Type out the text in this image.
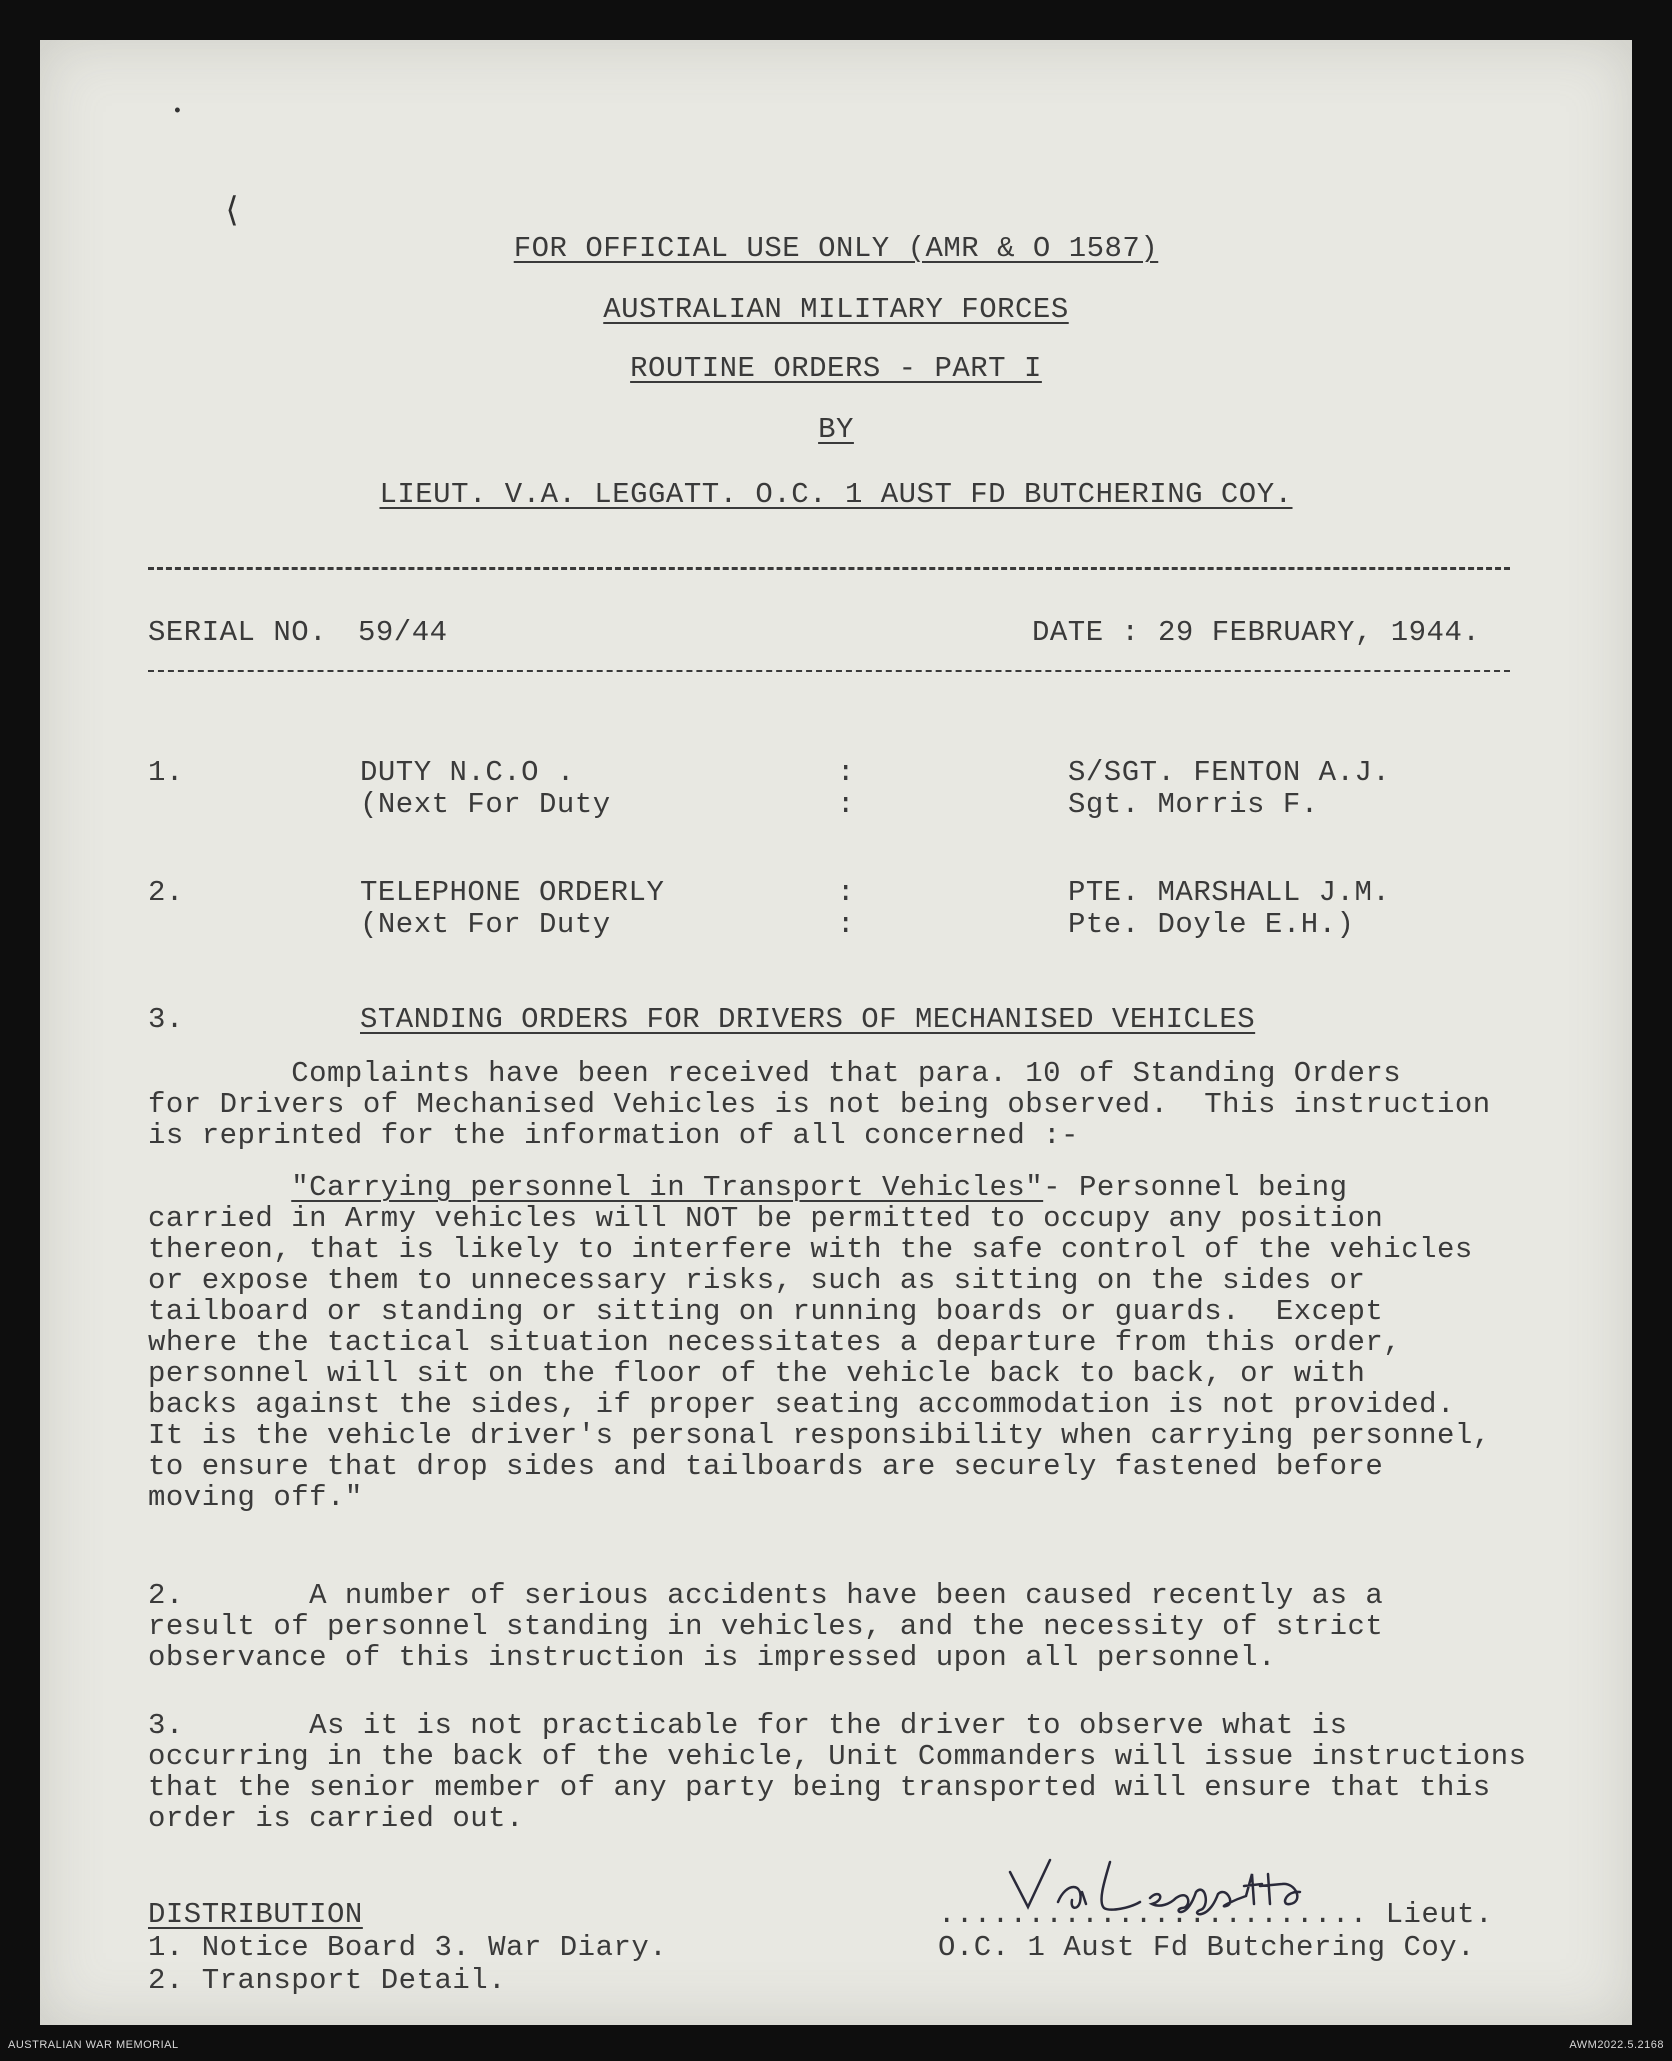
•
⟨
FOR OFFICIAL USE ONLY (AMR & O 1587)
AUSTRALIAN MILITARY FORCES
ROUTINE ORDERS - PART I
BY
LIEUT. V.A. LEGGATT. O.C. 1 AUST FD BUTCHERING COY.
SERIAL NO. 59/44	DATE : 29 FEBRUARY, 1944.
1.	DUTY N.C.O .	:	S/SGT. FENTON A.J.
(Next For Duty	:	Sgt. Morris F.
2.	TELEPHONE ORDERLY	:	PTE. MARSHALL J.M.
(Next For Duty	:	Pte. Doyle E.H.)
3.	STANDING ORDERS FOR DRIVERS OF MECHANISED VEHICLES
Complaints have been received that para. 10 of Standing Orders
for Drivers of Mechanised Vehicles is not being observed.  This instruction
is reprinted for the information of all concerned :-
"Carrying personnel in Transport Vehicles"- Personnel being
carried in Army vehicles will NOT be permitted to occupy any position
thereon, that is likely to interfere with the safe control of the vehicles
or expose them to unnecessary risks, such as sitting on the sides or
tailboard or standing or sitting on running boards or guards.  Except
where the tactical situation necessitates a departure from this order,
personnel will sit on the floor of the vehicle back to back, or with
backs against the sides, if proper seating accommodation is not provided.
It is the vehicle driver's personal responsibility when carrying personnel,
to ensure that drop sides and tailboards are securely fastened before
moving off."
2.       A number of serious accidents have been caused recently as a
result of personnel standing in vehicles, and the necessity of strict
observance of this instruction is impressed upon all personnel.
3.       As it is not practicable for the driver to observe what is
occurring in the back of the vehicle, Unit Commanders will issue instructions
that the senior member of any party being transported will ensure that this
order is carried out.
DISTRIBUTION
1. Notice Board 3. War Diary.
2. Transport Detail.
........................ Lieut.
O.C. 1 Aust Fd Butchering Coy.
AUSTRALIAN WAR MEMORIAL	AWM2022.5.2168
